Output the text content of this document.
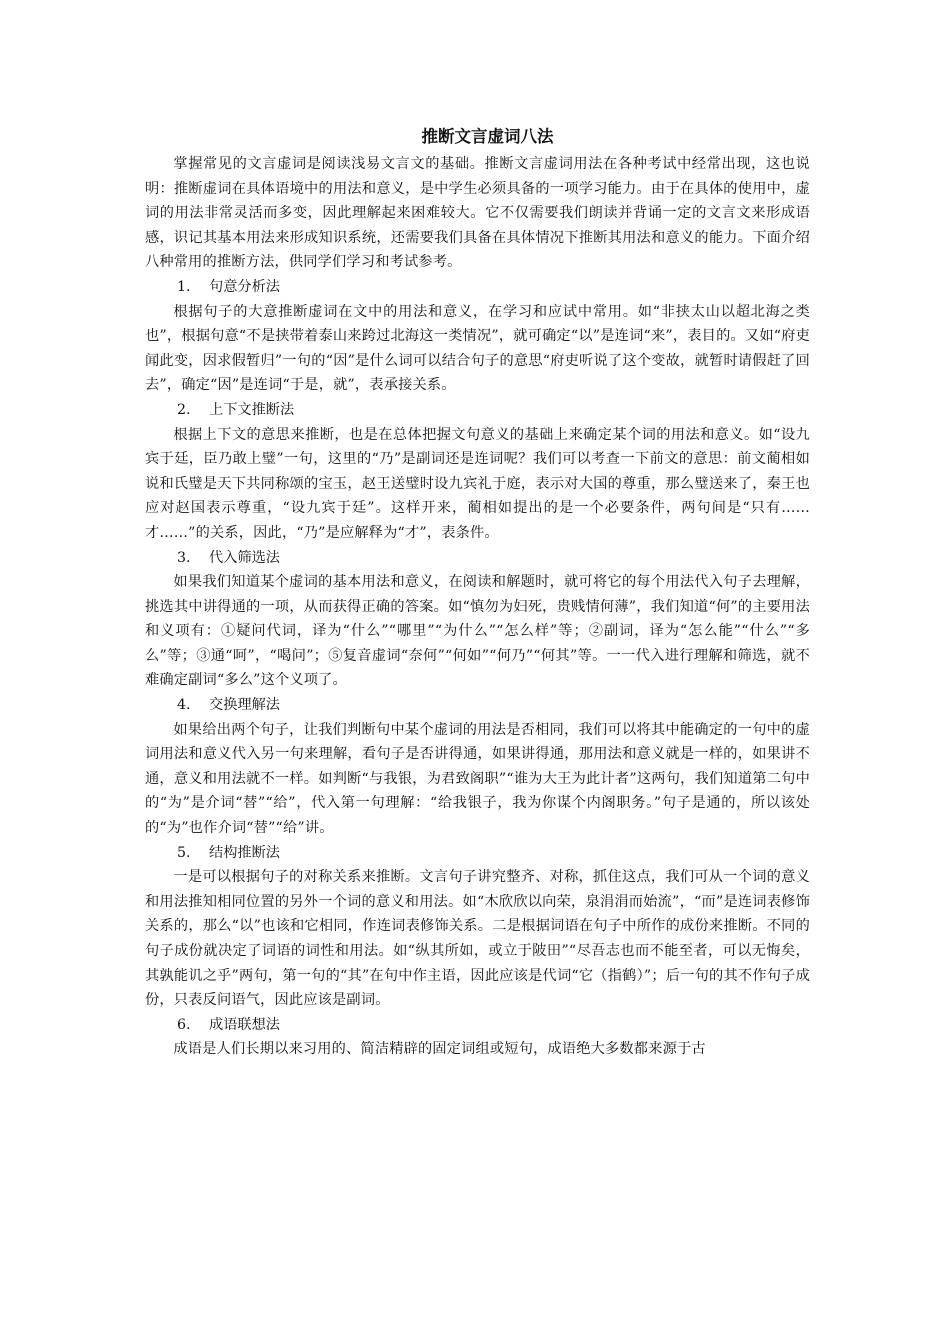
推断文言虚词八法

掌握常见的文言虚词是阅读浅易文言文的基础。推断文言虚词用法在各种考试中经常出现，这也说明：推断虚词在具体语境中的用法和意义，是中学生必须具备的一项学习能力。由于在具体的使用中，虚词的用法非常灵活而多变，因此理解起来困难较大。它不仅需要我们朗读并背诵一定的文言文来形成语感，识记其基本用法来形成知识系统，还需要我们具备在具体情况下推断其用法和意义的能力。下面介绍八种常用的推断方法，供同学们学习和考试参考。

1. 句意分析法

根据句子的大意推断虚词在文中的用法和意义，在学习和应试中常用。如“非挟太山以超北海之类也”，根据句意“不是挟带着泰山来跨过北海这一类情况”，就可确定“以”是连词“来”，表目的。又如“府吏闻此变，因求假暂归”一句的“因”是什么词可以结合句子的意思“府吏听说了这个变故，就暂时请假赶了回去”，确定“因”是连词“于是，就”，表承接关系。

2. 上下文推断法

根据上下文的意思来推断，也是在总体把握文句意义的基础上来确定某个词的用法和意义。如“设九宾于廷，臣乃敢上璧”一句，这里的“乃”是副词还是连词呢？我们可以考查一下前文的意思：前文蔺相如说和氏璧是天下共同称颂的宝玉，赵王送璧时设九宾礼于庭，表示对大国的尊重，那么璧送来了，秦王也应对赵国表示尊重，“设九宾于廷”。这样开来，蔺相如提出的是一个必要条件，两句间是“只有……才……”的关系，因此，“乃”是应解释为“才”，表条件。

3. 代入筛选法

如果我们知道某个虚词的基本用法和意义，在阅读和解题时，就可将它的每个用法代入句子去理解，挑选其中讲得通的一项，从而获得正确的答案。如“慎勿为妇死，贵贱情何薄”，我们知道“何”的主要用法和义项有：①疑问代词，译为“什么”“哪里”“为什么”“怎么样”等；②副词，译为“怎么能”“什么”“多么”等；③通“呵”，“喝问”；⑤复音虚词“奈何”“何如”“何乃”“何其”等。一一代入进行理解和筛选，就不难确定副词“多么”这个义项了。

4. 交换理解法

如果给出两个句子，让我们判断句中某个虚词的用法是否相同，我们可以将其中能确定的一句中的虚词用法和意义代入另一句来理解，看句子是否讲得通，如果讲得通，那用法和意义就是一样的，如果讲不通，意义和用法就不一样。如判断“与我银，为君致阁职”“谁为大王为此计者”这两句，我们知道第二句中的“为”是介词“替”“给”，代入第一句理解：“给我银子，我为你谋个内阁职务。”句子是通的，所以该处的“为”也作介词“替”“给”讲。

5. 结构推断法

一是可以根据句子的对称关系来推断。文言句子讲究整齐、对称，抓住这点，我们可从一个词的意义和用法推知相同位置的另外一个词的意义和用法。如“木欣欣以向荣，泉涓涓而始流”，“而”是连词表修饰关系的，那么“以”也该和它相同，作连词表修饰关系。二是根据词语在句子中所作的成份来推断。不同的句子成份就决定了词语的词性和用法。如“纵其所如，或立于陂田”“尽吾志也而不能至者，可以无悔矣，其孰能讥之乎”两句，第一句的“其”在句中作主语，因此应该是代词“它（指鹤）”；后一句的其不作句子成份，只表反问语气，因此应该是副词。

6. 成语联想法

成语是人们长期以来习用的、简洁精辟的固定词组或短句，成语绝大多数都来源于古
